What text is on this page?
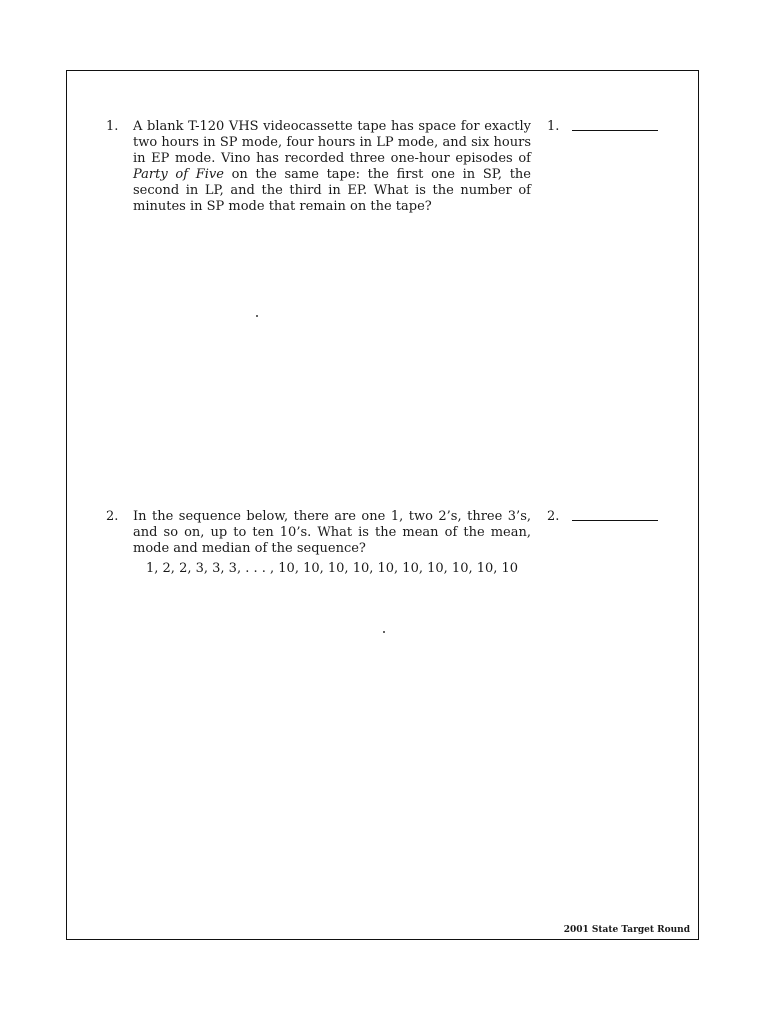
1.	A blank T-120 VHS videocassette tape has space for exactly two hours in SP mode, four hours in LP mode, and six hours in EP mode. Vino has recorded three one-hour episodes of Party of Five on the same tape: the first one in SP, the second in LP, and the third in EP. What is the number of minutes in SP mode that remain on the tape?
1.
2.	In the sequence below, there are one 1, two 2’s, three 3’s, and so on, up to ten 10’s. What is the mean of the mean, mode and median of the sequence?
1, 2, 2, 3, 3, 3, . . . , 10, 10, 10, 10, 10, 10, 10, 10, 10, 10
2.
2001 State Target Round
